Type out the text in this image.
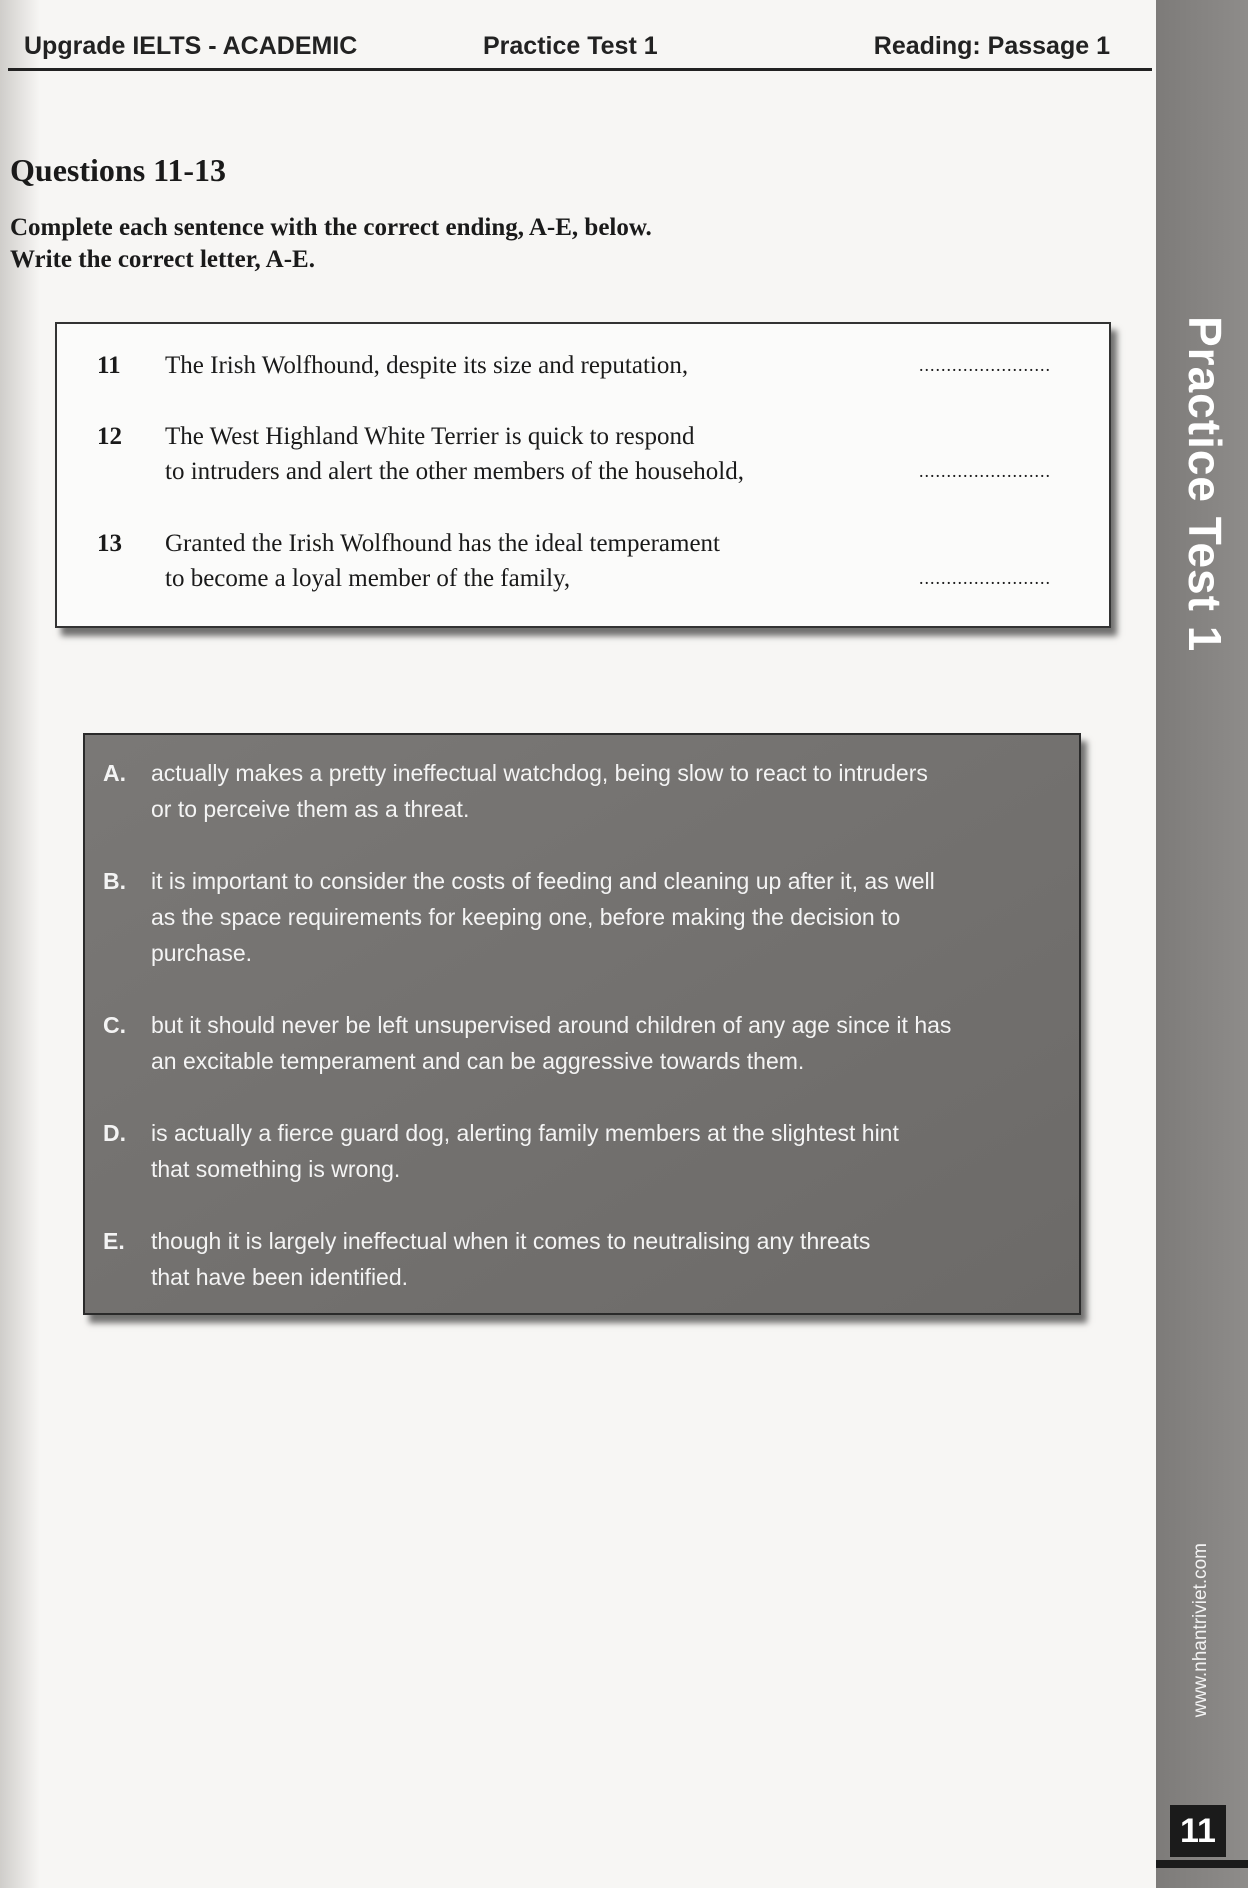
Upgrade IELTS - ACADEMIC	Practice Test 1	Reading: Passage 1
Practice Test 1
www.nhantriviet.com
11
Questions 11-13
Complete each sentence with the correct ending, A-E, below.
Write the correct letter, A-E.
11 The Irish Wolfhound, despite its size and reputation,	........................
12 The West Highland White Terrier is quick to respond
to intruders and alert the other members of the household,	........................
13 Granted the Irish Wolfhound has the ideal temperament
to become a loyal member of the family,	........................
A. actually makes a pretty ineffectual watchdog, being slow to react to intruders
or to perceive them as a threat.
B. it is important to consider the costs of feeding and cleaning up after it, as well
as the space requirements for keeping one, before making the decision to
purchase.
C. but it should never be left unsupervised around children of any age since it has
an excitable temperament and can be aggressive towards them.
D. is actually a fierce guard dog, alerting family members at the slightest hint
that something is wrong.
E. though it is largely ineffectual when it comes to neutralising any threats
that have been identified.
